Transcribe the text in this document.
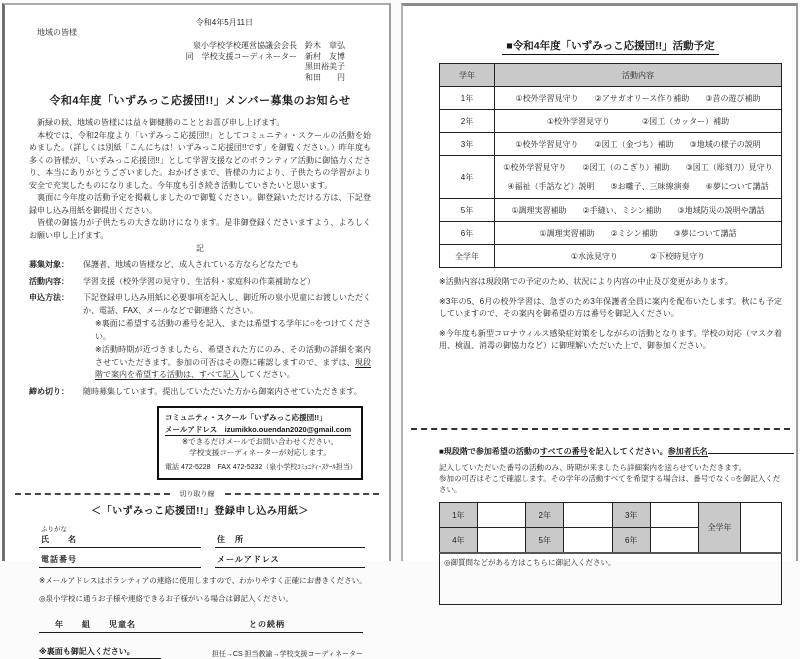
令和4年5月11日
地域の皆様
泉小学校学校運営協議会会長　鈴木　章弘
同　学校支援コーディネーター　新村　友博
黒田裕美子
和田　　円
令和4年度「いずみっこ応援団!!」メンバー募集のお知らせ
　新緑の候、地域の皆様には益々御健勝のこととお喜び申し上げます。
　本校では、令和2年度より「いずみっこ応援団!!」としてコミュニティ・スクールの活動を始めました。（詳しくは別紙「こんにちは！いずみっこ応援団!!です」を御覧ください。）昨年度も多くの皆様が、「いずみっこ応援団!!」として学習支援などのボランティア活動に御協力くださり、本当にありがとうございました。おかげさまで、皆様の力により、子供たちの学習がより安全で充実したものになりました。今年度も引き続き活動していきたいと思います。
　裏面に今年度の活動予定を掲載しましたので御覧ください。御登録いただける方は、下記登録申し込み用紙を御提出ください。
　皆様の御協力が子供たちの大きな助けになります。是非御登録くださいますよう、よろしくお願い申し上げます。
記
募集対象：	保護者、地域の皆様など、成人されている方ならどなたでも
活動内容：	学習支援（校外学習の見守り、生活科・家庭科の作業補助など）
申込方法：	下記登録申し込み用紙に必要事項を記入し、御近所の泉小児童にお渡しいただくか、電話、FAX、メールなどで御連絡ください。
※裏面に希望する活動の番号を記入、または希望する学年に○をつけてください。
※活動時期が近づきましたら、希望された方にのみ、その活動の詳細を案内させていただきます。参加の可否はその際に確認しますので、まずは、現段階で案内を希望する活動は、すべて記入してください。
締め切り：	随時募集しています。提出していただいた方から御案内させていただきます。
コミュニティ・スクール「いずみっこ応援団!!」
メールアドレス　 izumikko.ouendan2020@gmail.com
※できるだけメールでお問い合わせください。
学校支援コーディネーターが対応します。
電話 472-5228　FAX 472-5232（泉小学校ｺﾐｭﾆﾃｨ･ｽｸｰﾙ担当）
切り取り線
＜「いずみっこ応援団!!」登録申し込み用紙＞
ふりがな
氏　　名	住　所
電話番号	メールアドレス
※メールアドレスはボランティアの連絡に使用しますので、わかりやすく正確にお書きください。
◎泉小学校に通うお子様や連絡できるお子様がいる場合は御記入ください。
年　　組　　児童名	との続柄
※裏面も御記入ください。	担任→CS 担当教諭→学校支援コーディネーター
■令和4年度「いずみっこ応援団!!」活動予定
学年	活動内容
1年	①校外学習見守り　　②アサガオリース作り補助　　③昔の遊び補助

2年	①校外学習見守り　　　　②図工（カッター）補助

3年	①校外学習見守り　　②図工（金づち）補助　　③地域の様子の説明

4年	①校外学習見守り　　②図工（のこぎり）補助　　③図工（彫刻刀）見守り
④福祉（手話など）説明　　⑤お囃子、三味線演奏　　⑥夢について講話

5年	①調理実習補助　　②手縫い、ミシン補助　　③地域防災の説明や講話

6年	①調理実習補助　　②ミシン補助　　③夢について講話

全学年	①水泳見守り　　　　②下校時見守り
※活動内容は現段階での予定のため、状況により内容の中止及び変更があります。
※3年の5、6月の校外学習は、急ぎのため3年保護者全員に案内を配布いたします。秋にも予定していますので、その案内を御希望の方は番号を御記入ください。
※今年度も新型コロナウィルス感染症対策をしながらの活動となります。学校の対応（マスク着用、検温、消毒の御協力など）に御理解いただいた上で、御参加ください。
■現段階で参加希望の活動のすべての番号を記入してください。参加者氏名
記入していただいた番号の活動のみ、時期が来ましたら詳細案内を送らせていただきます。
参加の可否はそこで確認します。その学年の活動すべてを希望する場合は、番号でなく○を御記入ください。
1年		2年		3年		全学年	
4年		5年		6年			
◎御質問などがある方はこちらに御記入ください。							
